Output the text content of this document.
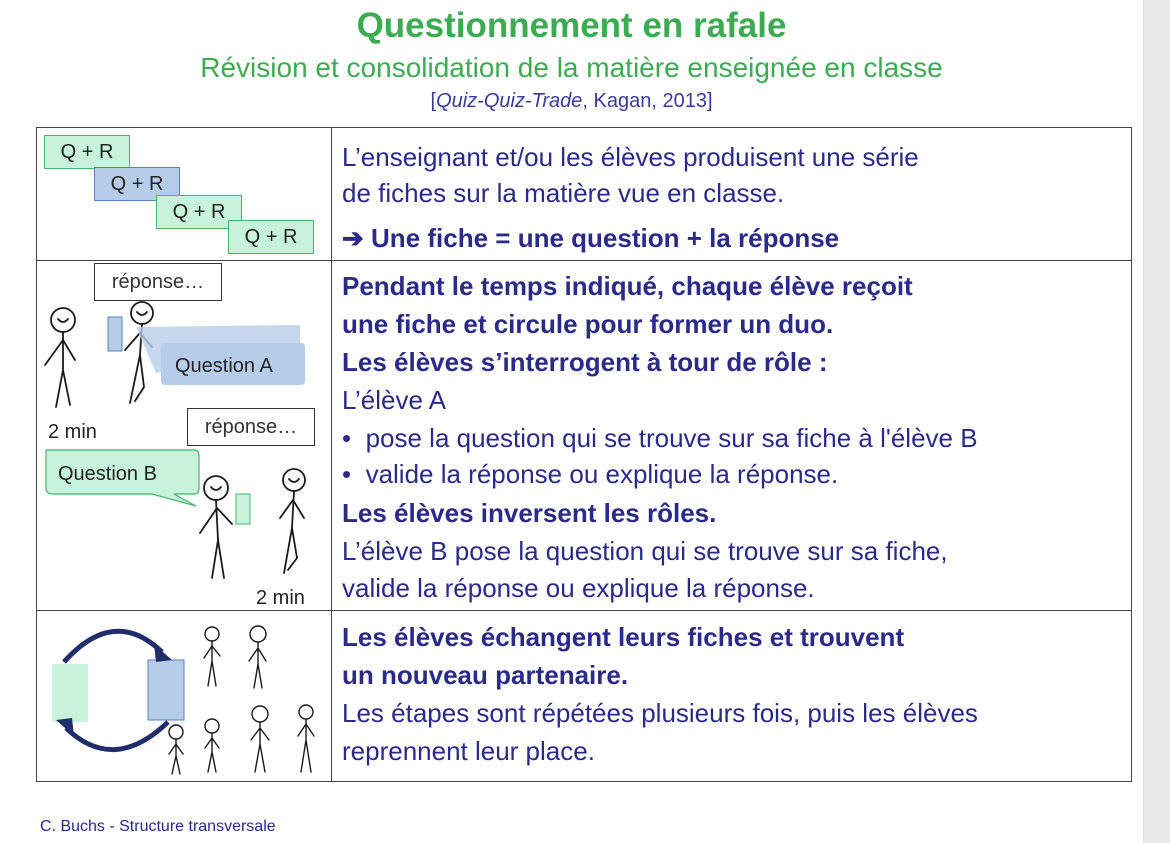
Questionnement en rafale
Révision et consolidation de la matière enseignée en classe
[Quiz-Quiz-Trade, Kagan, 2013]
Q + R
Q + R
Q + R
Q + R
L’enseignant et/ou les élèves produisent une série
de fiches sur la matière vue en classe.
➔ Une fiche = une question + la réponse
réponse…
Question A
2 min	réponse…
Question B
2 min
Pendant le temps indiqué, chaque élève reçoit
une fiche et circule pour former un duo.
Les élèves s’interrogent à tour de rôle :
L’élève A
• pose la question qui se trouve sur sa fiche à l'élève B
• valide la réponse ou explique la réponse.
Les élèves inversent les rôles.
L’élève B pose la question qui se trouve sur sa fiche,
valide la réponse ou explique la réponse.
Les élèves échangent leurs fiches et trouvent
un nouveau partenaire.
Les étapes sont répétées plusieurs fois, puis les élèves
reprennent leur place.
C. Buchs - Structure transversale
